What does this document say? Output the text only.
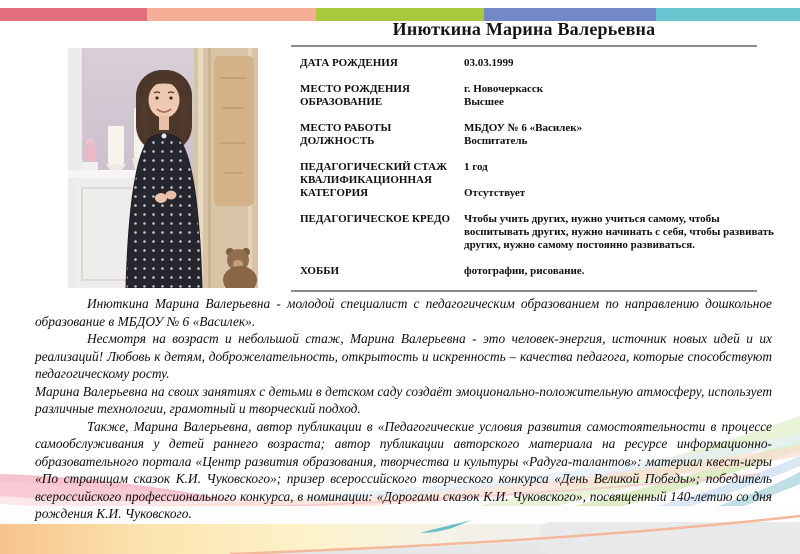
Инюткина Марина Валерьевна
ДАТА РОЖДЕНИЯ	03.03.1999
МЕСТО РОЖДЕНИЯ	г. Новочеркасск
ОБРАЗОВАНИЕ	Высшее
МЕСТО РАБОТЫ	МБДОУ № 6 «Василек»
ДОЛЖНОСТЬ	Воспитатель
ПЕДАГОГИЧЕСКИЙ СТАЖ	1 год
КВАЛИФИКАЦИОННАЯ КАТЕГОРИЯ	Отсутствует
ПЕДАГОГИЧЕСКОЕ КРЕДО	Чтобы учить других, нужно учиться самому, чтобы воспитывать других, нужно начинать с себя, чтобы развивать других, нужно самому постоянно развиваться.
ХОББИ	фотографии, рисование.

Инюткина Марина Валерьевна - молодой специалист с педагогическим образованием по направлению дошкольное образование в МБДОУ № 6 «Василек».

Несмотря на возраст и небольшой стаж, Марина Валерьевна - это человек-энергия, источник новых идей и их реализаций! Любовь к детям, доброжелательность, открытость и искренность – качества педагога, которые способствуют педагогическому росту.

Марина Валерьевна на своих занятиях с детьми в детском саду создаёт эмоционально-положительную атмосферу, использует различные технологии, грамотный и творческий подход.

Также, Марина Валерьевна, автор публикации в «Педагогические условия развития самостоятельности в процессе самообслуживания у детей раннего возраста; автор публикации авторского материала на ресурсе информационно-образовательного портала «Центр развития образования, творчества и культуры «Радуга-талантов»: материал квест-игры «По страницам сказок К.И. Чуковского»; призер всероссийского творческого конкурса «День Великой Победы»; победитель всероссийского профессионального конкурса, в номинации: «Дорогами сказок К.И. Чуковского», посвященный 140-летию со дня рождения К.И. Чуковского.
